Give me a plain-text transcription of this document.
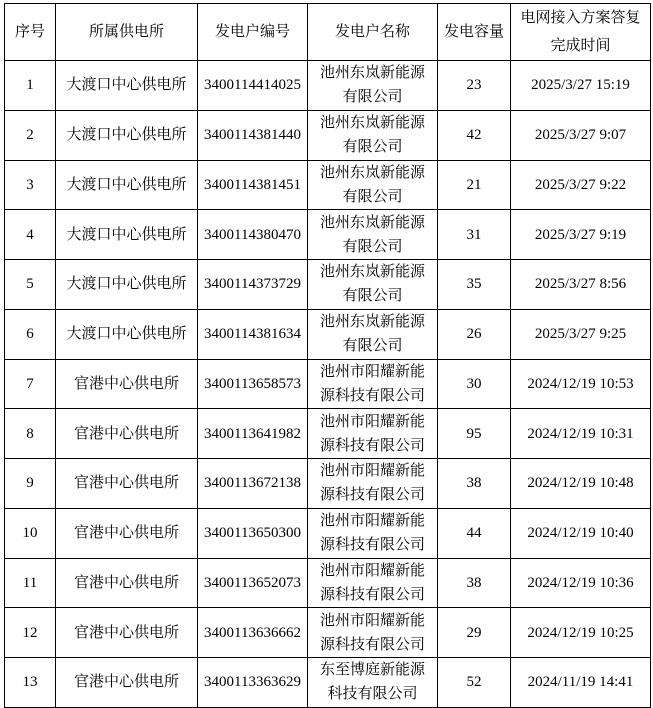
序号	所属供电所	发电户编号	发电户名称	发电容量	电网接入方案答复完成时间
1	大渡口中心供电所	3400114414025	池州东岚新能源有限公司	23	2025/3/27 15:19
2	大渡口中心供电所	3400114381440	池州东岚新能源有限公司	42	2025/3/27 9:07
3	大渡口中心供电所	3400114381451	池州东岚新能源有限公司	21	2025/3/27 9:22
4	大渡口中心供电所	3400114380470	池州东岚新能源有限公司	31	2025/3/27 9:19
5	大渡口中心供电所	3400114373729	池州东岚新能源有限公司	35	2025/3/27 8:56
6	大渡口中心供电所	3400114381634	池州东岚新能源有限公司	26	2025/3/27 9:25
7	官港中心供电所	3400113658573	池州市阳耀新能源科技有限公司	30	2024/12/19 10:53
8	官港中心供电所	3400113641982	池州市阳耀新能源科技有限公司	95	2024/12/19 10:31
9	官港中心供电所	3400113672138	池州市阳耀新能源科技有限公司	38	2024/12/19 10:48
10	官港中心供电所	3400113650300	池州市阳耀新能源科技有限公司	44	2024/12/19 10:40
11	官港中心供电所	3400113652073	池州市阳耀新能源科技有限公司	38	2024/12/19 10:36
12	官港中心供电所	3400113636662	池州市阳耀新能源科技有限公司	29	2024/12/19 10:25
13	官港中心供电所	3400113363629	东至博庭新能源科技有限公司	52	2024/11/19 14:41
